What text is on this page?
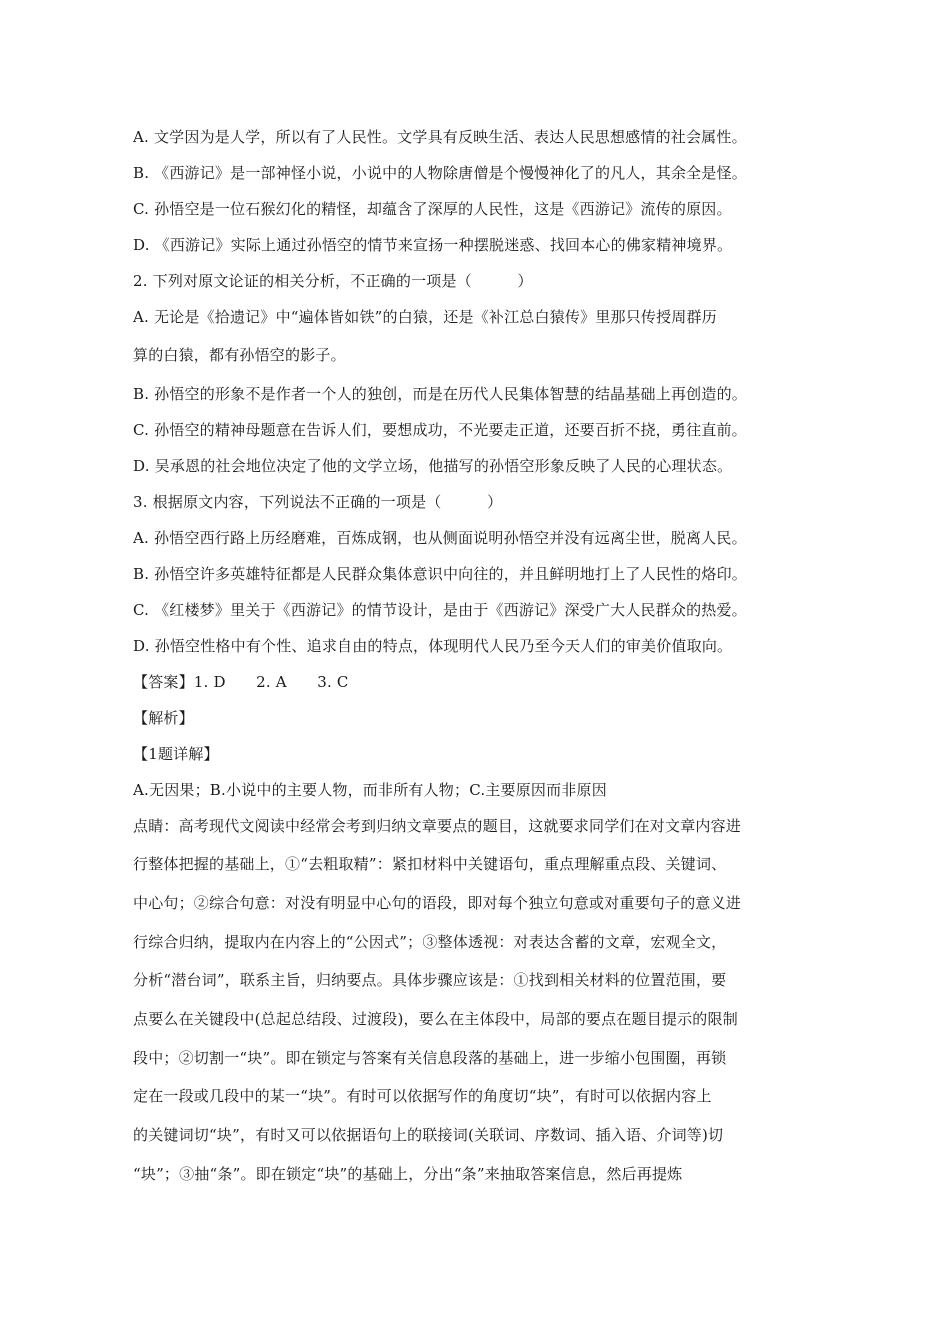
A. 文学因为是人学，所以有了人民性。文学具有反映生活、表达人民思想感情的社会属性。
B. 《西游记》是一部神怪小说，小说中的人物除唐僧是个慢慢神化了的凡人，其余全是怪。
C. 孙悟空是一位石猴幻化的精怪，却蕴含了深厚的人民性，这是《西游记》流传的原因。
D. 《西游记》实际上通过孙悟空的情节来宣扬一种摆脱迷惑、找回本心的佛家精神境界。
2. 下列对原文论证的相关分析，不正确的一项是（　　　）
A. 无论是《拾遗记》中“遍体皆如铁”的白猿，还是《补江总白猿传》里那只传授周群历
算的白猿，都有孙悟空的影子。
B. 孙悟空的形象不是作者一个人的独创，而是在历代人民集体智慧的结晶基础上再创造的。
C. 孙悟空的精神母题意在告诉人们，要想成功，不光要走正道，还要百折不挠，勇往直前。
D. 吴承恩的社会地位决定了他的文学立场，他描写的孙悟空形象反映了人民的心理状态。
3. 根据原文内容，下列说法不正确的一项是（　　　）
A. 孙悟空西行路上历经磨难，百炼成钢，也从侧面说明孙悟空并没有远离尘世，脱离人民。
B. 孙悟空许多英雄特征都是人民群众集体意识中向往的，并且鲜明地打上了人民性的烙印。
C. 《红楼梦》里关于《西游记》的情节设计，是由于《西游记》深受广大人民群众的热爱。
D. 孙悟空性格中有个性、追求自由的特点，体现明代人民乃至今天人们的审美价值取向。
【答案】1. D　　2. A　　3. C
【解析】
【1题详解】
A.无因果；B.小说中的主要人物，而非所有人物；C.主要原因而非原因
点睛：高考现代文阅读中经常会考到归纳文章要点的题目，这就要求同学们在对文章内容进
行整体把握的基础上，①“去粗取精”：紧扣材料中关键语句，重点理解重点段、关键词、
中心句；②综合句意：对没有明显中心句的语段，即对每个独立句意或对重要句子的意义进
行综合归纳，提取内在内容上的“公因式”；③整体透视：对表达含蓄的文章，宏观全文，
分析“潜台词”，联系主旨，归纳要点。具体步骤应该是：①找到相关材料的位置范围，要
点要么在关键段中(总起总结段、过渡段)，要么在主体段中，局部的要点在题目提示的限制
段中；②切割一“块”。即在锁定与答案有关信息段落的基础上，进一步缩小包围圈，再锁
定在一段或几段中的某一“块”。有时可以依据写作的角度切“块”，有时可以依据内容上
的关键词切“块”，有时又可以依据语句上的联接词(关联词、序数词、插入语、介词等)切
“块”；③抽“条”。即在锁定“块”的基础上，分出“条”来抽取答案信息，然后再提炼
